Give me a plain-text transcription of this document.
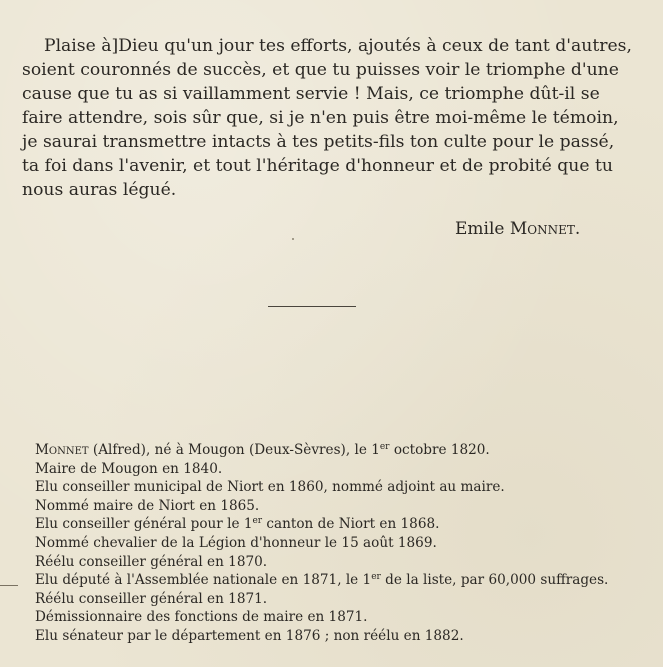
Plaise à]Dieu qu'un jour tes efforts, ajoutés à ceux de tant d'autres,
soient couronnés de succès, et que tu puisses voir le triomphe d'une
cause que tu as si vaillamment servie ! Mais, ce triomphe dût-il se
faire attendre, sois sûr que, si je n'en puis être moi-même le témoin,
je saurai transmettre intacts à tes petits-fils ton culte pour le passé,
ta foi dans l'avenir, et tout l'héritage d'honneur et de probité que tu
nous auras légué.
Emile Monnet.
Monnet (Alfred), né à Mougon (Deux-Sèvres), le 1er octobre 1820.
Maire de Mougon en 1840.
Elu conseiller municipal de Niort en 1860, nommé adjoint au maire.
Nommé maire de Niort en 1865.
Elu conseiller général pour le 1er canton de Niort en 1868.
Nommé chevalier de la Légion d'honneur le 15 août 1869.
Réélu conseiller général en 1870.
Elu député à l'Assemblée nationale en 1871, le 1er de la liste, par 60,000 suffrages.
Réélu conseiller général en 1871.
Démissionnaire des fonctions de maire en 1871.
Elu sénateur par le département en 1876 ; non réélu en 1882.
